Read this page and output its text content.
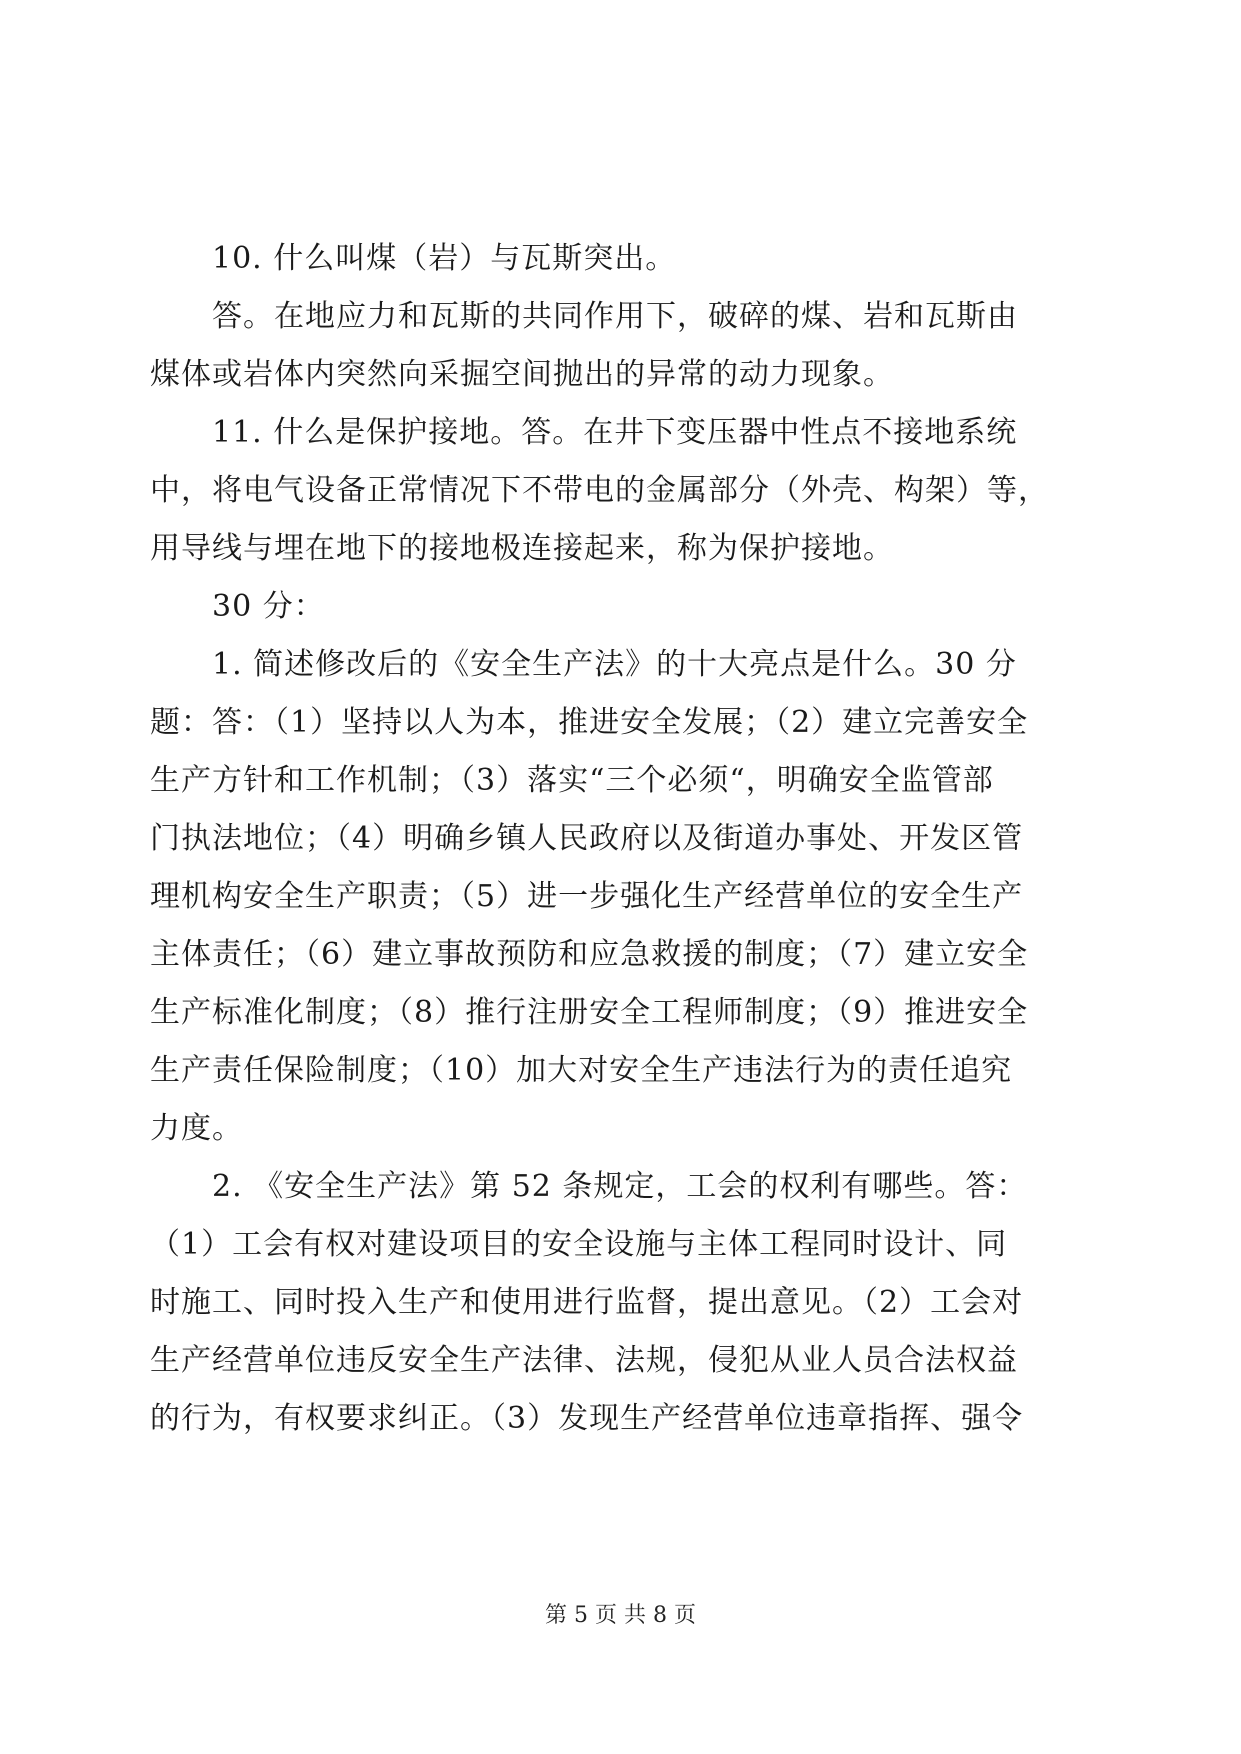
　　10. 什么叫煤（岩）与瓦斯突出。
　　答。在地应力和瓦斯的共同作用下，破碎的煤、岩和瓦斯由
煤体或岩体内突然向采掘空间抛出的异常的动力现象。
　　11. 什么是保护接地。答。在井下变压器中性点不接地系统
中，将电气设备正常情况下不带电的金属部分（外壳、构架）等，
用导线与埋在地下的接地极连接起来，称为保护接地。
　　30 分：
　　1. 简述修改后的《安全生产法》的十大亮点是什么。30 分
题：答：（1）坚持以人为本，推进安全发展；（2）建立完善安全
生产方针和工作机制；（3）落实“三个必须“，明确安全监管部
门执法地位；（4）明确乡镇人民政府以及街道办事处、开发区管
理机构安全生产职责；（5）进一步强化生产经营单位的安全生产
主体责任；（6）建立事故预防和应急救援的制度；（7）建立安全
生产标准化制度；（8）推行注册安全工程师制度；（9）推进安全
生产责任保险制度；（10）加大对安全生产违法行为的责任追究
力度。
　　2. 《安全生产法》第 52 条规定，工会的权利有哪些。答：
（1）工会有权对建设项目的安全设施与主体工程同时设计、同
时施工、同时投入生产和使用进行监督，提出意见。（2）工会对
生产经营单位违反安全生产法律、法规，侵犯从业人员合法权益
的行为，有权要求纠正。（3）发现生产经营单位违章指挥、强令
第 5 页 共 8 页
